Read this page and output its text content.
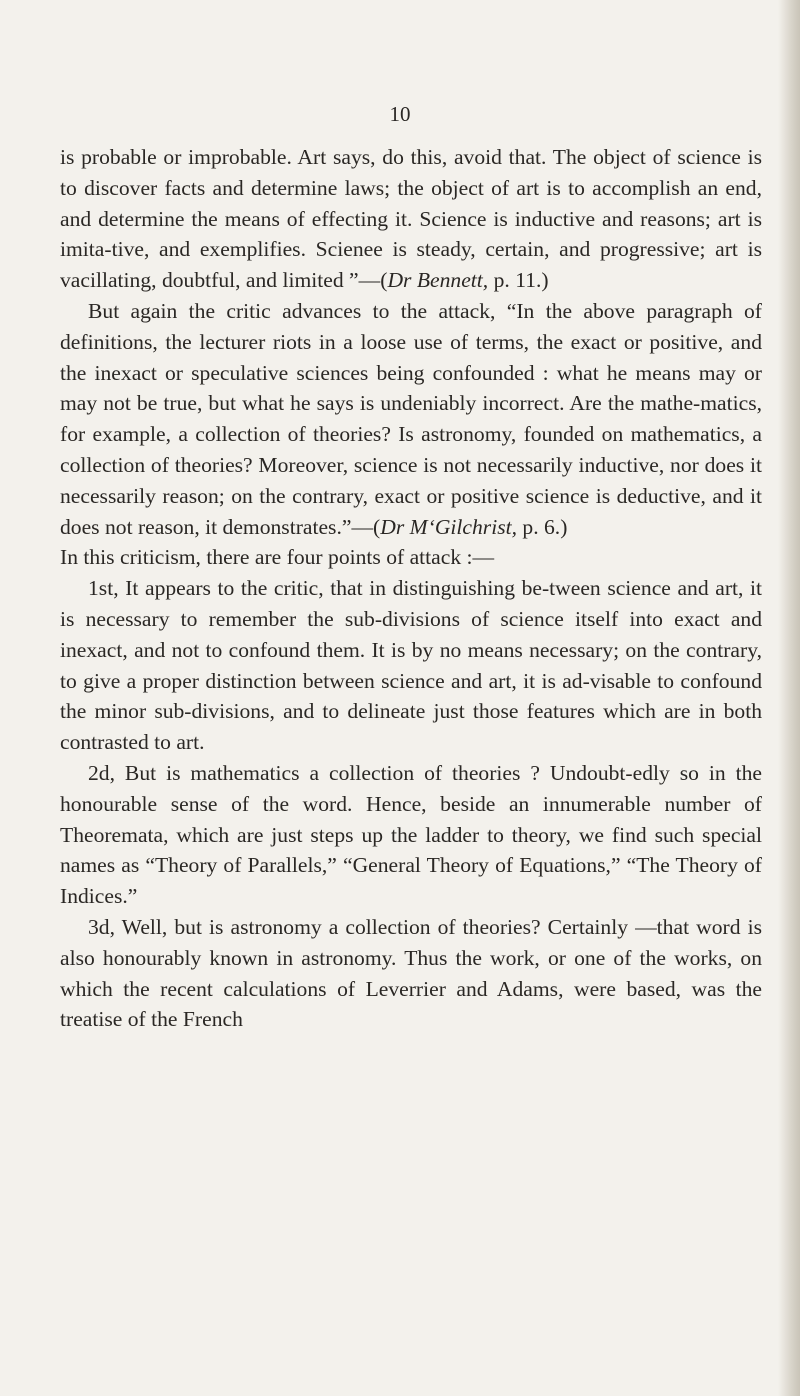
10

is probable or improbable. Art says, do this, avoid that. The object of science is to discover facts and determine laws; the object of art is to accomplish an end, and determine the means of effecting it. Science is inductive and reasons; art is imita-tive, and exemplifies. Scienee is steady, certain, and progressive; art is vacillating, doubtful, and limited ”—(Dr Bennett, p. 11.)

But again the critic advances to the attack, “In the above paragraph of definitions, the lecturer riots in a loose use of terms, the exact or positive, and the inexact or speculative sciences being confounded : what he means may or may not be true, but what he says is undeniably incorrect. Are the mathe-matics, for example, a collection of theories? Is astronomy, founded on mathematics, a collection of theories? Moreover, science is not necessarily inductive, nor does it necessarily reason; on the contrary, exact or positive science is deductive, and it does not reason, it demonstrates.”—(Dr M‘Gilchrist, p. 6.)

In this criticism, there are four points of attack :—

1st, It appears to the critic, that in distinguishing be-tween science and art, it is necessary to remember the sub-divisions of science itself into exact and inexact, and not to confound them. It is by no means necessary; on the contrary, to give a proper distinction between science and art, it is ad-visable to confound the minor sub-divisions, and to delineate just those features which are in both contrasted to art.

2d, But is mathematics a collection of theories ? Undoubt-edly so in the honourable sense of the word. Hence, beside an innumerable number of Theoremata, which are just steps up the ladder to theory, we find such special names as “Theory of Parallels,” “General Theory of Equations,” “The Theory of Indices.”

3d, Well, but is astronomy a collection of theories? Certainly —that word is also honourably known in astronomy. Thus the work, or one of the works, on which the recent calculations of Leverrier and Adams, were based, was the treatise of the French
